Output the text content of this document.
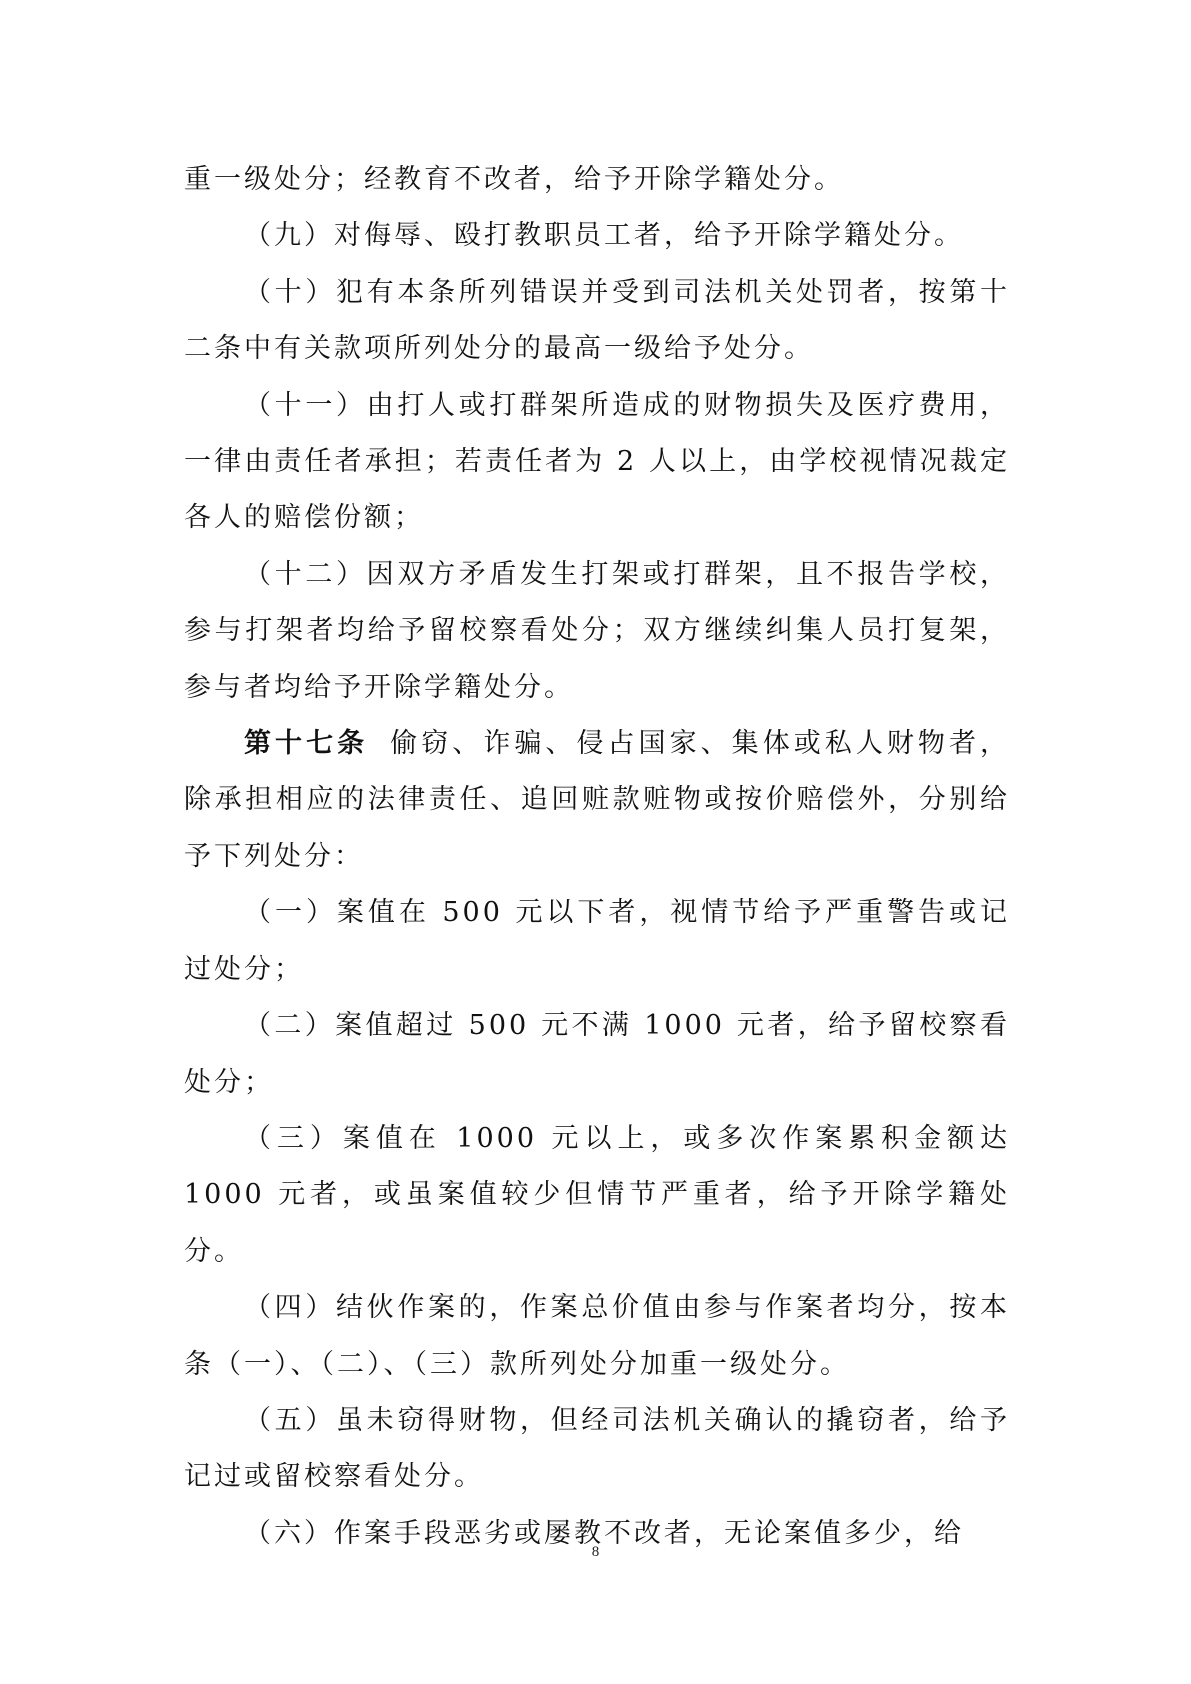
重一级处分；经教育不改者，给予开除学籍处分。

（九）对侮辱、殴打教职员工者，给予开除学籍处分。

（十）犯有本条所列错误并受到司法机关处罚者，按第十二条中有关款项所列处分的最高一级给予处分。

（十一）由打人或打群架所造成的财物损失及医疗费用，一律由责任者承担；若责任者为 2 人以上，由学校视情况裁定各人的赔偿份额；

（十二）因双方矛盾发生打架或打群架，且不报告学校，参与打架者均给予留校察看处分；双方继续纠集人员打复架，参与者均给予开除学籍处分。

第十七条 偷窃、诈骗、侵占国家、集体或私人财物者，除承担相应的法律责任、追回赃款赃物或按价赔偿外，分别给予下列处分：

（一）案值在 500 元以下者，视情节给予严重警告或记过处分；

（二）案值超过 500 元不满 1000 元者，给予留校察看处分；

（三）案值在 1000 元以上，或多次作案累积金额达 1000 元者，或虽案值较少但情节严重者，给予开除学籍处分。

（四）结伙作案的，作案总价值由参与作案者均分，按本条（一）、（二）、（三）款所列处分加重一级处分。

（五）虽未窃得财物，但经司法机关确认的撬窃者，给予记过或留校察看处分。

（六）作案手段恶劣或屡教不改者，无论案值多少，给

8
